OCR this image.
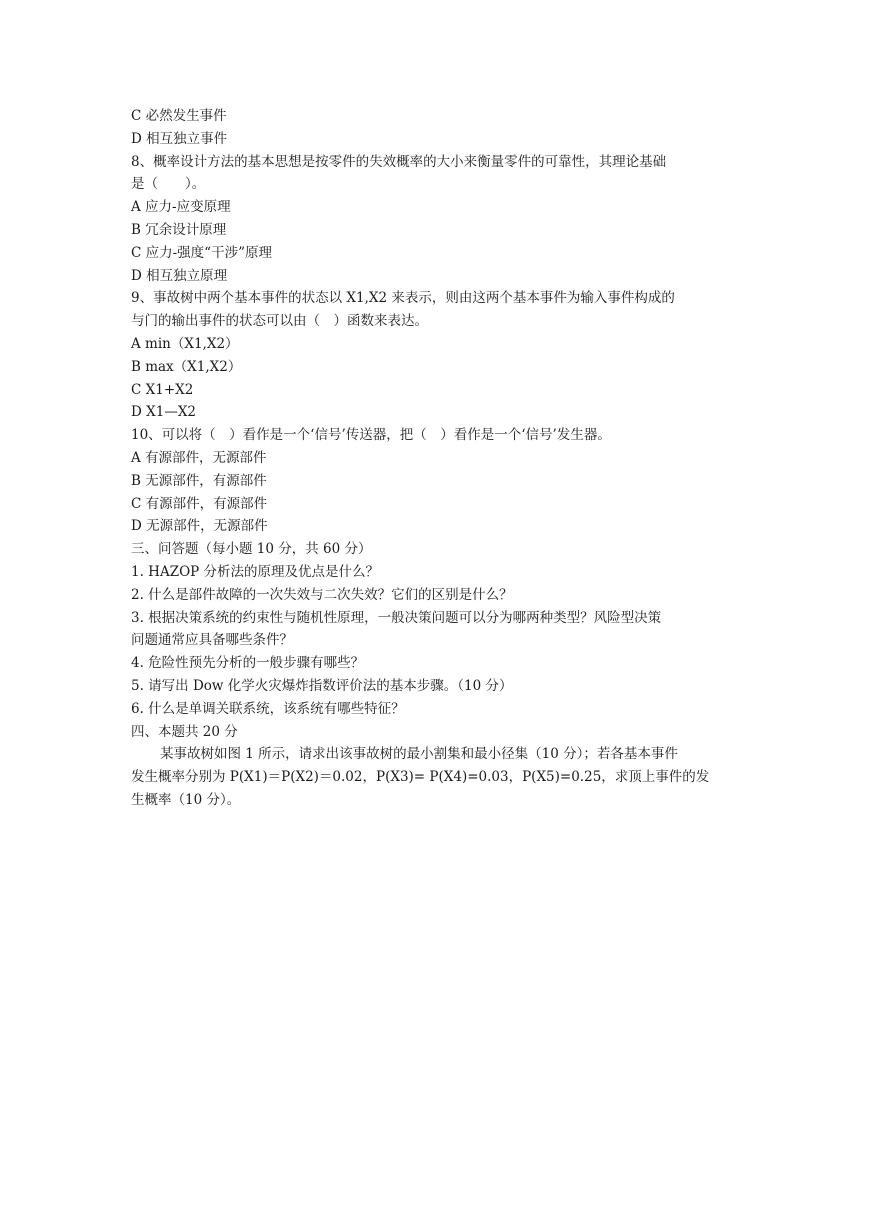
C 必然发生事件
D 相互独立事件
8、概率设计方法的基本思想是按零件的失效概率的大小来衡量零件的可靠性，其理论基础
是（　　）。
A 应力-应变原理
B 冗余设计原理
C 应力-强度“干涉”原理
D 相互独立原理
9、事故树中两个基本事件的状态以 X1,X2 来表示，则由这两个基本事件为输入事件构成的
与门的输出事件的状态可以由（　）函数来表达。
A min（X1,X2）
B max（X1,X2）
C X1+X2
D X1—X2
10、可以将（　）看作是一个‘信号’传送器，把（　）看作是一个‘信号’发生器。
A 有源部件，无源部件
B 无源部件，有源部件
C 有源部件，有源部件
D 无源部件，无源部件
三、问答题（每小题 10 分，共 60 分）
1. HAZOP 分析法的原理及优点是什么？
2. 什么是部件故障的一次失效与二次失效？它们的区别是什么？
3. 根据决策系统的约束性与随机性原理，一般决策问题可以分为哪两种类型？风险型决策
问题通常应具备哪些条件？
4. 危险性预先分析的一般步骤有哪些？
5. 请写出 Dow 化学火灾爆炸指数评价法的基本步骤。（10 分）
6. 什么是单调关联系统，该系统有哪些特征？
四、本题共 20 分
某事故树如图 1 所示，请求出该事故树的最小割集和最小径集（10 分）；若各基本事件
发生概率分别为 P(X1)＝P(X2)＝0.02，P(X3)= P(X4)=0.03，P(X5)=0.25，求顶上事件的发
生概率（10 分）。
